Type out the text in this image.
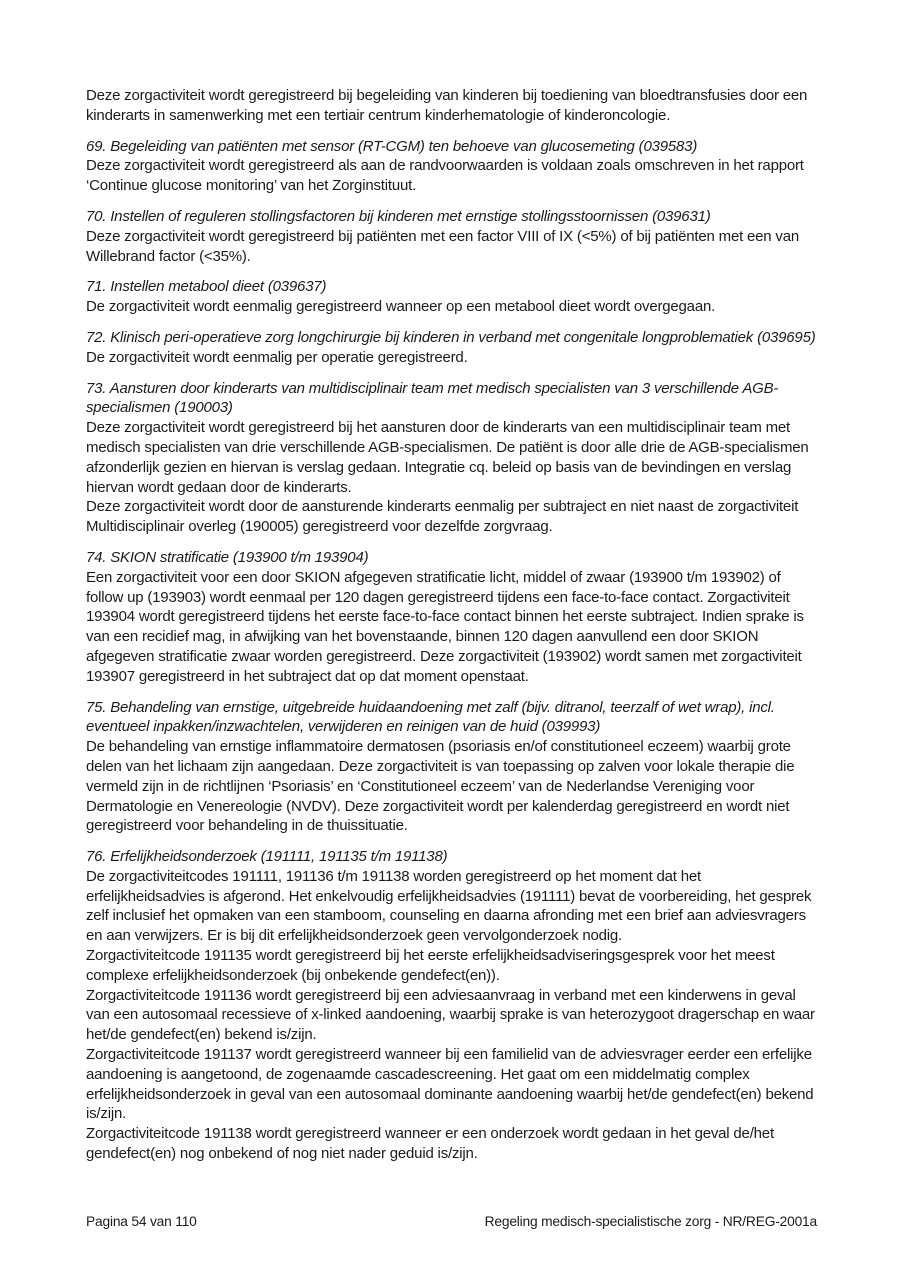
Deze zorgactiviteit wordt geregistreerd bij begeleiding van kinderen bij toediening van bloedtransfusies door een kinderarts in samenwerking met een tertiair centrum kinderhematologie of kinderoncologie.

69. Begeleiding van patiënten met sensor (RT-CGM) ten behoeve van glucosemeting (039583)
Deze zorgactiviteit wordt geregistreerd als aan de randvoorwaarden is voldaan zoals omschreven in het rapport ‘Continue glucose monitoring’ van het Zorginstituut.
70. Instellen of reguleren stollingsfactoren bij kinderen met ernstige stollingsstoornissen (039631)
Deze zorgactiviteit wordt geregistreerd bij patiënten met een factor VIII of IX (<5%) of bij patiënten met een van Willebrand factor (<35%).
71. Instellen metabool dieet (039637)
De zorgactiviteit wordt eenmalig geregistreerd wanneer op een metabool dieet wordt overgegaan.
72. Klinisch peri-operatieve zorg longchirurgie bij kinderen in verband met congenitale longproblematiek (039695)
De zorgactiviteit wordt eenmalig per operatie geregistreerd.
73. Aansturen door kinderarts van multidisciplinair team met medisch specialisten van 3 verschillende AGB-specialismen (190003)
Deze zorgactiviteit wordt geregistreerd bij het aansturen door de kinderarts van een multidisciplinair team met medisch specialisten van drie verschillende AGB-specialismen. De patiënt is door alle drie de AGB-specialismen afzonderlijk gezien en hiervan is verslag gedaan. Integratie cq. beleid op basis van de bevindingen en verslag hiervan wordt gedaan door de kinderarts.
Deze zorgactiviteit wordt door de aansturende kinderarts eenmalig per subtraject en niet naast de zorgactiviteit Multidisciplinair overleg (190005) geregistreerd voor dezelfde zorgvraag.
74. SKION stratificatie (193900 t/m 193904)
Een zorgactiviteit voor een door SKION afgegeven stratificatie licht, middel of zwaar (193900 t/m 193902) of follow up (193903) wordt eenmaal per 120 dagen geregistreerd tijdens een face-to-face contact. Zorgactiviteit 193904 wordt geregistreerd tijdens het eerste face-to-face contact binnen het eerste subtraject. Indien sprake is van een recidief mag, in afwijking van het bovenstaande, binnen 120 dagen aanvullend een door SKION afgegeven stratificatie zwaar worden geregistreerd. Deze zorgactiviteit (193902) wordt samen met zorgactiviteit 193907 geregistreerd in het subtraject dat op dat moment openstaat.
75. Behandeling van ernstige, uitgebreide huidaandoening met zalf (bijv. ditranol, teerzalf of wet wrap), incl. eventueel inpakken/inzwachtelen, verwijderen en reinigen van de huid (039993)
De behandeling van ernstige inflammatoire dermatosen (psoriasis en/of constitutioneel eczeem) waarbij grote delen van het lichaam zijn aangedaan. Deze zorgactiviteit is van toepassing op zalven voor lokale therapie die vermeld zijn in de richtlijnen ‘Psoriasis’ en ‘Constitutioneel eczeem’ van de Nederlandse Vereniging voor Dermatologie en Venereologie (NVDV). Deze zorgactiviteit wordt per kalenderdag geregistreerd en wordt niet geregistreerd voor behandeling in de thuissituatie.
76. Erfelijkheidsonderzoek (191111, 191135 t/m 191138)
De zorgactiviteitcodes 191111, 191136 t/m 191138 worden geregistreerd op het moment dat het erfelijkheidsadvies is afgerond. Het enkelvoudig erfelijkheidsadvies (191111) bevat de voorbereiding, het gesprek zelf inclusief het opmaken van een stamboom, counseling en daarna afronding met een brief aan adviesvragers en aan verwijzers. Er is bij dit erfelijkheidsonderzoek geen vervolgonderzoek nodig.
Zorgactiviteitcode 191135 wordt geregistreerd bij het eerste erfelijkheidsadviseringsgesprek voor het meest complexe erfelijkheidsonderzoek (bij onbekende gendefect(en)).
Zorgactiviteitcode 191136 wordt geregistreerd bij een adviesaanvraag in verband met een kinderwens in geval van een autosomaal recessieve of x-linked aandoening, waarbij sprake is van heterozygoot dragerschap en waar het/de gendefect(en) bekend is/zijn.
Zorgactiviteitcode 191137 wordt geregistreerd wanneer bij een familielid van de adviesvrager eerder een erfelijke aandoening is aangetoond, de zogenaamde cascadescreening. Het gaat om een middelmatig complex erfelijkheidsonderzoek in geval van een autosomaal dominante aandoening waarbij het/de gendefect(en) bekend is/zijn.
Zorgactiviteitcode 191138 wordt geregistreerd wanneer er een onderzoek wordt gedaan in het geval de/het gendefect(en) nog onbekend of nog niet nader geduid is/zijn.
Pagina 54 van 110	Regeling medisch-specialistische zorg - NR/REG-2001a
